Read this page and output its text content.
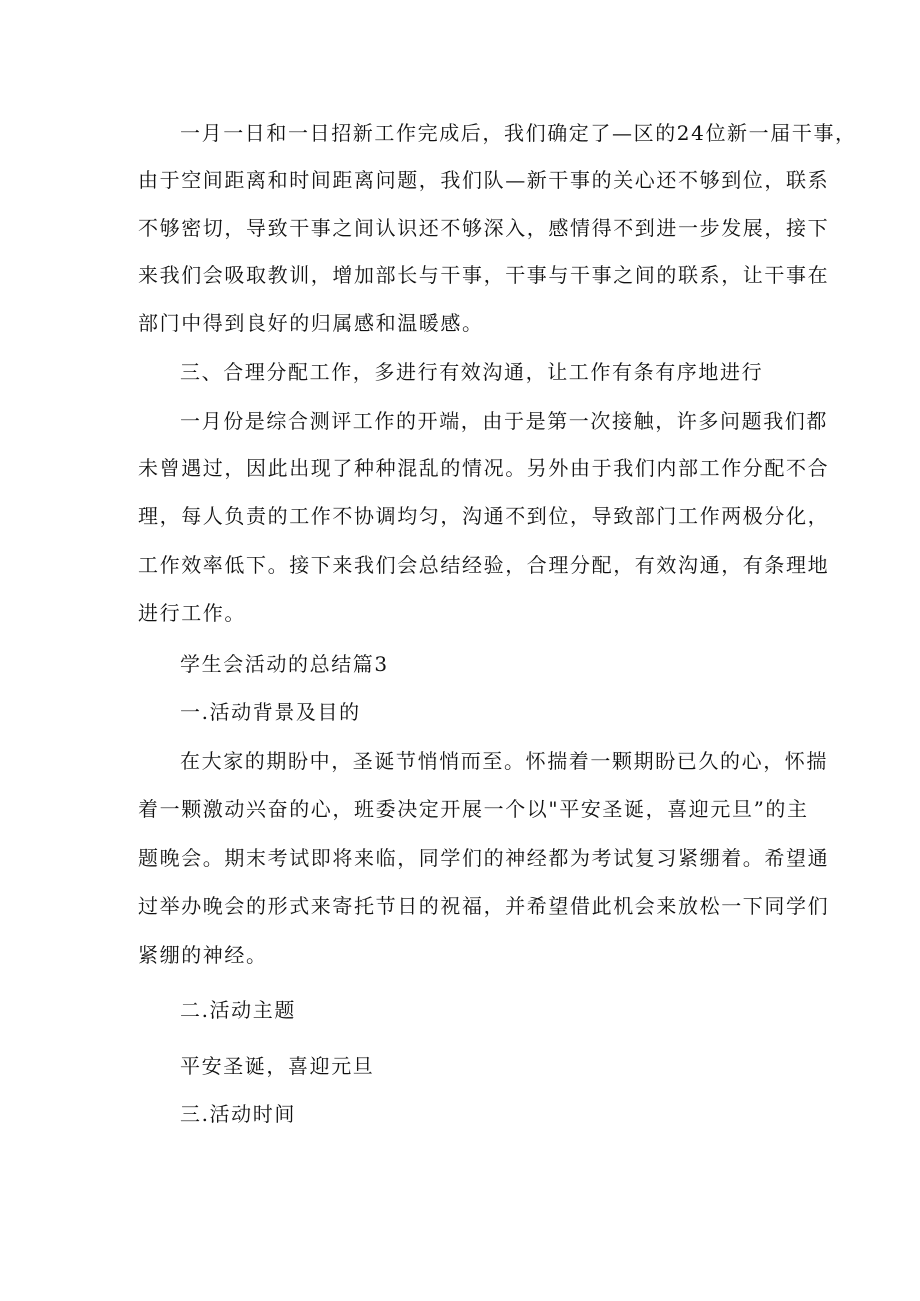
一月一日和一日招新工作完成后，我们确定了—区的24位新一届干事，
由于空间距离和时间距离问题，我们队—新干事的关心还不够到位，联系
不够密切，导致干事之间认识还不够深入，感情得不到进一步发展，接下
来我们会吸取教训，增加部长与干事，干事与干事之间的联系，让干事在
部门中得到良好的归属感和温暖感。
三、合理分配工作，多进行有效沟通，让工作有条有序地进行
一月份是综合测评工作的开端，由于是第一次接触，许多问题我们都
未曾遇过，因此出现了种种混乱的情况。另外由于我们内部工作分配不合
理，每人负责的工作不协调均匀，沟通不到位，导致部门工作两极分化，
工作效率低下。接下来我们会总结经验，合理分配，有效沟通，有条理地
进行工作。
学生会活动的总结篇3
一.活动背景及目的
在大家的期盼中，圣诞节悄悄而至。怀揣着一颗期盼已久的心，怀揣
着一颗激动兴奋的心，班委决定开展一个以"平安圣诞，喜迎元旦”的主
题晚会。期末考试即将来临，同学们的神经都为考试复习紧绷着。希望通
过举办晚会的形式来寄托节日的祝福，并希望借此机会来放松一下同学们
紧绷的神经。
二.活动主题
平安圣诞，喜迎元旦
三.活动时间
